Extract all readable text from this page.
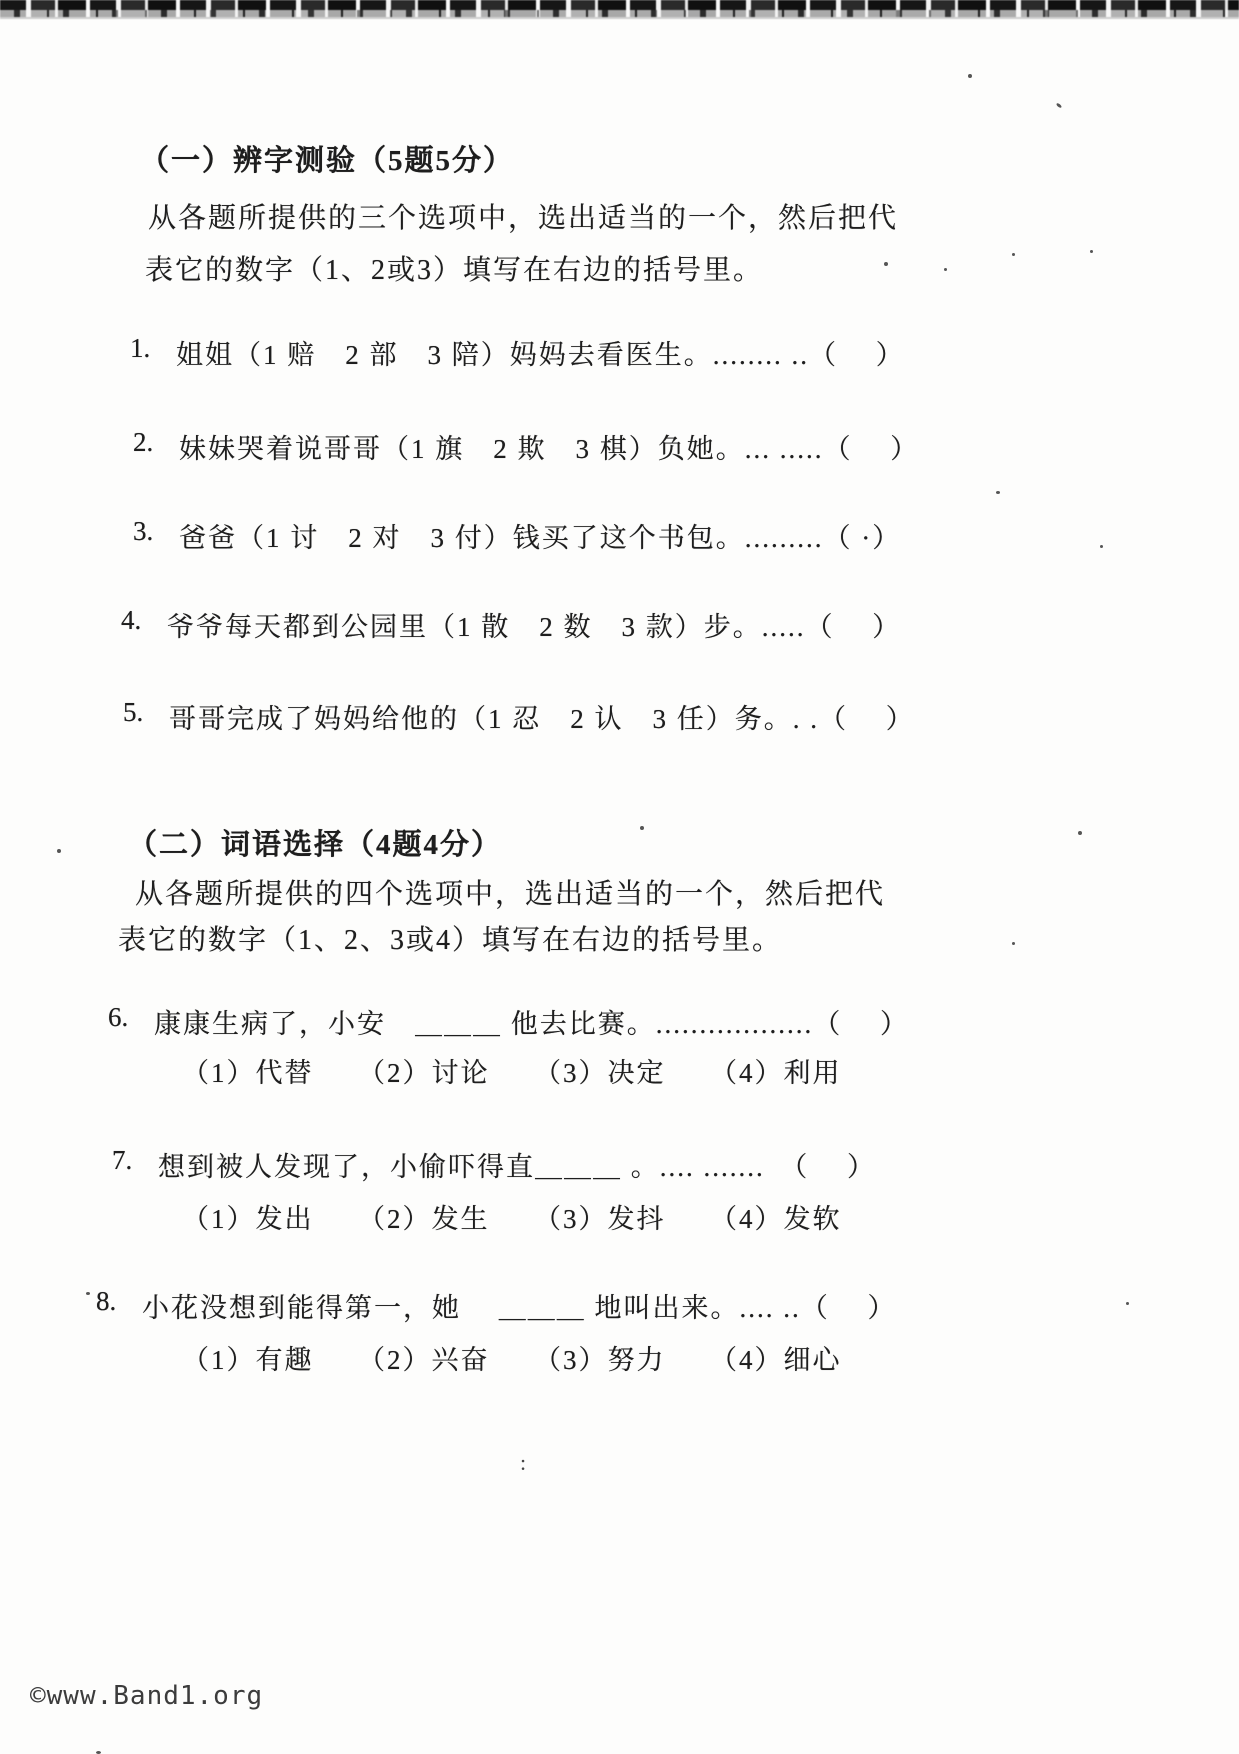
（一）辨字测验（5题5分）
从各题所提供的三个选项中，选出适当的一个，然后把代
表它的数字（1、2或3）填写在右边的括号里。
1. 姐姐（1 赔　2 部　3 陪）妈妈去看医生。........ ..（　 ）
2. 妹妹哭着说哥哥（1 旗　2 欺　3 棋）负她。... .....（　 ）
3. 爸爸（1 讨　2 对　3 付）钱买了这个书包。.........（ ·）
4. 爷爷每天都到公园里（1 散　2 数　3 款）步。.....（　 ）
5. 哥哥完成了妈妈给他的（1 忍　2 认　3 任）务。. .（　 ）
（二）词语选择（4题4分）
从各题所提供的四个选项中，选出适当的一个，然后把代
表它的数字（1、2、3或4）填写在右边的括号里。
6. 康康生病了，小安　＿＿＿ 他去比赛。..................（　 ）
（1）代替　　（2）讨论　　（3）决定　　（4）利用
7. 想到被人发现了，小偷吓得直＿＿＿ 。.... .......　（　 ）
（1）发出　　（2）发生　　（3）发抖　　（4）发软
8. 小花没想到能得第一，她　 ＿＿＿ 地叫出来。.... ..（　 ）
（1）有趣　　（2）兴奋　　（3）努力　　（4）细心
:
©www.Band1.org
